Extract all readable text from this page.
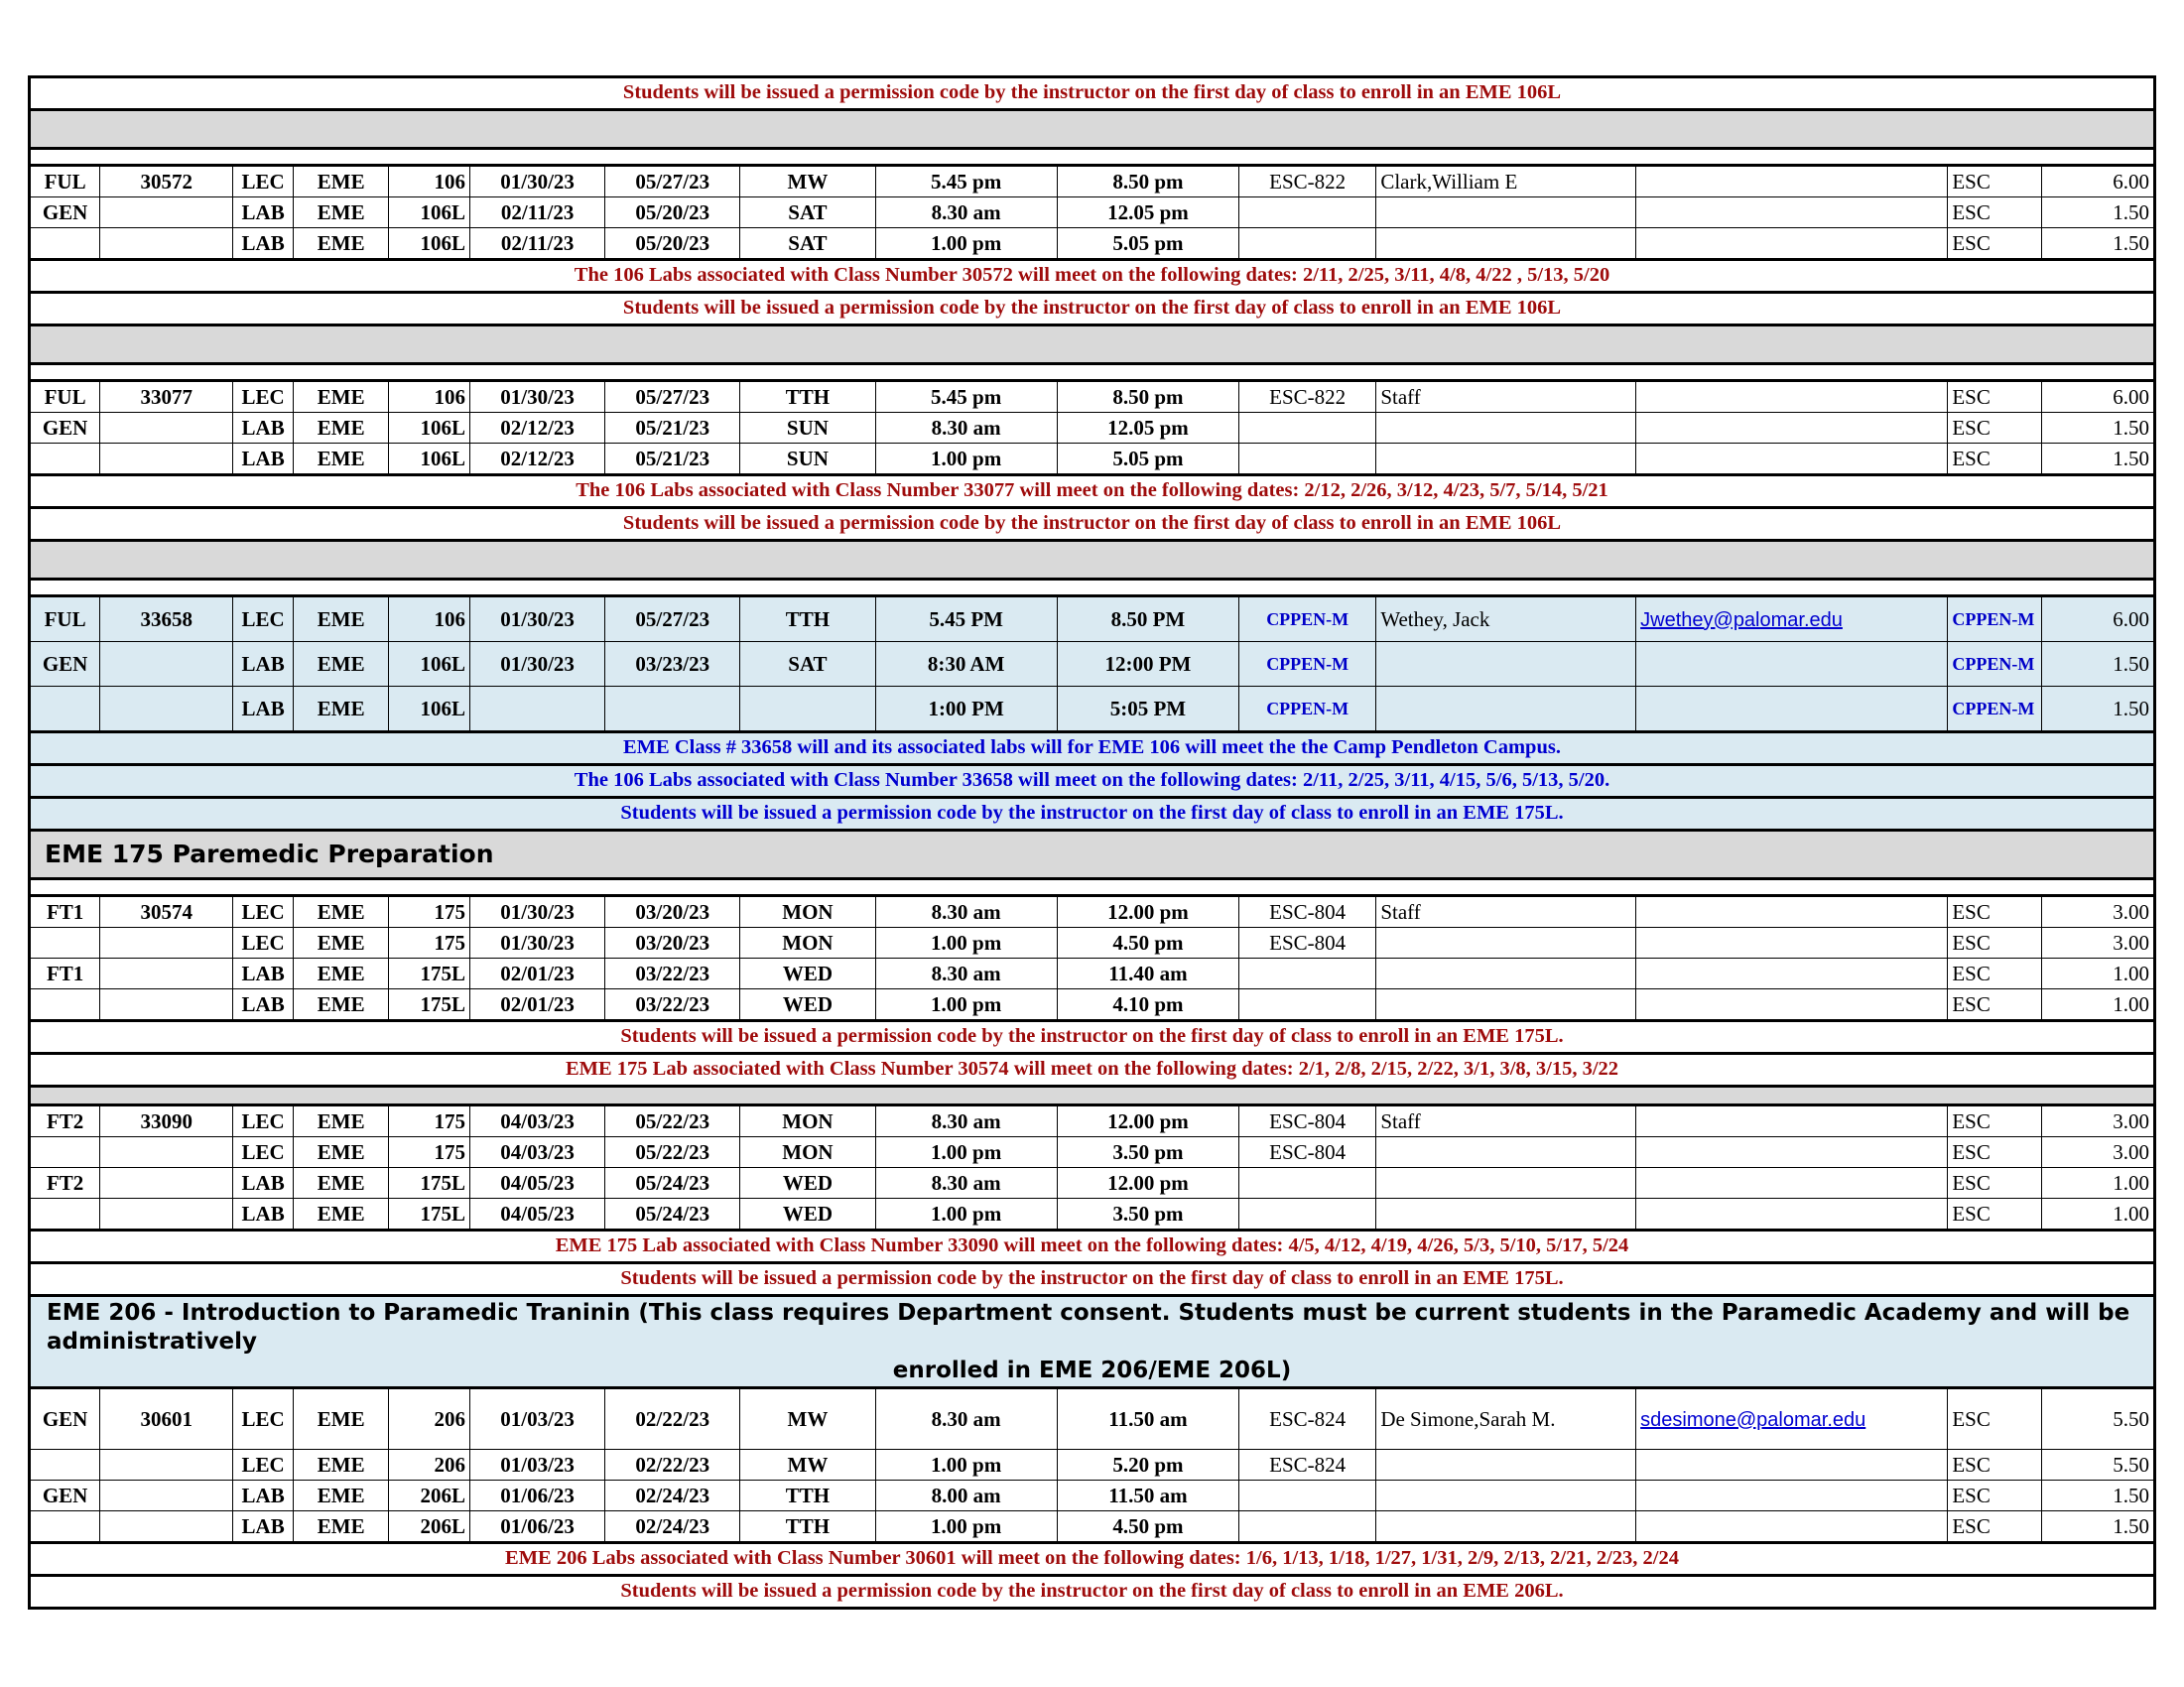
Students will be issued a permission code by the instructor on the first day of class to enroll in an EME 106L														

FUL	30572	LEC	EME	106	01/30/23	05/27/23	MW	5.45 pm	8.50 pm	ESC-822	Clark,William E		ESC	6.00
GEN		LAB	EME	106L	02/11/23	05/20/23	SAT	8.30 am	12.05 pm				ESC	1.50
		LAB	EME	106L	02/11/23	05/20/23	SAT	1.00 pm	5.05 pm				ESC	1.50
The 106 Labs associated with Class Number 30572 will meet on the following dates: 2/11, 2/25, 3/11, 4/8, 4/22 , 5/13, 5/20														
Students will be issued a permission code by the instructor on the first day of class to enroll in an EME 106L														

FUL	33077	LEC	EME	106	01/30/23	05/27/23	TTH	5.45 pm	8.50 pm	ESC-822	Staff		ESC	6.00
GEN		LAB	EME	106L	02/12/23	05/21/23	SUN	8.30 am	12.05 pm				ESC	1.50
		LAB	EME	106L	02/12/23	05/21/23	SUN	1.00 pm	5.05 pm				ESC	1.50
The 106 Labs associated with Class Number 33077 will meet on the following dates: 2/12, 2/26, 3/12, 4/23, 5/7, 5/14, 5/21														
Students will be issued a permission code by the instructor on the first day of class to enroll in an EME 106L														

FUL	33658	LEC	EME	106	01/30/23	05/27/23	TTH	5.45 PM	8.50 PM	CPPEN-M	Wethey, Jack	Jwethey@palomar.edu	CPPEN-M	6.00
GEN		LAB	EME	106L	01/30/23	03/23/23	SAT	8:30 AM	12:00 PM	CPPEN-M			CPPEN-M	1.50
		LAB	EME	106L				1:00 PM	5:05 PM	CPPEN-M			CPPEN-M	1.50
EME Class # 33658 will and its associated labs will for EME 106 will meet the the Camp Pendleton Campus.														
The 106 Labs associated with Class Number 33658 will meet on the following dates: 2/11, 2/25, 3/11, 4/15, 5/6, 5/13, 5/20.														
Students will be issued a permission code by the instructor on the first day of class to enroll in an EME 175L.														
EME 175 Paremedic Preparation														

FT1	30574	LEC	EME	175	01/30/23	03/20/23	MON	8.30 am	12.00 pm	ESC-804	Staff		ESC	3.00
		LEC	EME	175	01/30/23	03/20/23	MON	1.00 pm	4.50 pm	ESC-804			ESC	3.00
FT1		LAB	EME	175L	02/01/23	03/22/23	WED	8.30 am	11.40 am				ESC	1.00
		LAB	EME	175L	02/01/23	03/22/23	WED	1.00 pm	4.10 pm				ESC	1.00
Students will be issued a permission code by the instructor on the first day of class to enroll in an EME 175L.														
EME 175 Lab associated with Class Number 30574 will meet on the following dates: 2/1, 2/8, 2/15, 2/22, 3/1, 3/8, 3/15, 3/22														

FT2	33090	LEC	EME	175	04/03/23	05/22/23	MON	8.30 am	12.00 pm	ESC-804	Staff		ESC	3.00
		LEC	EME	175	04/03/23	05/22/23	MON	1.00 pm	3.50 pm	ESC-804			ESC	3.00
FT2		LAB	EME	175L	04/05/23	05/24/23	WED	8.30 am	12.00 pm				ESC	1.00
		LAB	EME	175L	04/05/23	05/24/23	WED	1.00 pm	3.50 pm				ESC	1.00
EME 175 Lab associated with Class Number 33090 will meet on the following dates: 4/5, 4/12, 4/19, 4/26, 5/3, 5/10, 5/17, 5/24														
Students will be issued a permission code by the instructor on the first day of class to enroll in an EME 175L.														

EME 206 - Introduction to Paramedic Traninin (This class requires Department consent. Students must be current students in the Paramedic Academy and will be administratively
enrolled in EME 206/EME 206L)														
GEN	30601	LEC	EME	206	01/03/23	02/22/23	MW	8.30 am	11.50 am	ESC-824	De Simone,Sarah M.	sdesimone@palomar.edu	ESC	5.50
		LEC	EME	206	01/03/23	02/22/23	MW	1.00 pm	5.20 pm	ESC-824			ESC	5.50
GEN		LAB	EME	206L	01/06/23	02/24/23	TTH	8.00 am	11.50 am				ESC	1.50
		LAB	EME	206L	01/06/23	02/24/23	TTH	1.00 pm	4.50 pm				ESC	1.50
EME 206 Labs associated with Class Number 30601 will meet on the following dates: 1/6, 1/13, 1/18, 1/27, 1/31, 2/9, 2/13, 2/21, 2/23, 2/24														
Students will be issued a permission code by the instructor on the first day of class to enroll in an EME 206L.														
